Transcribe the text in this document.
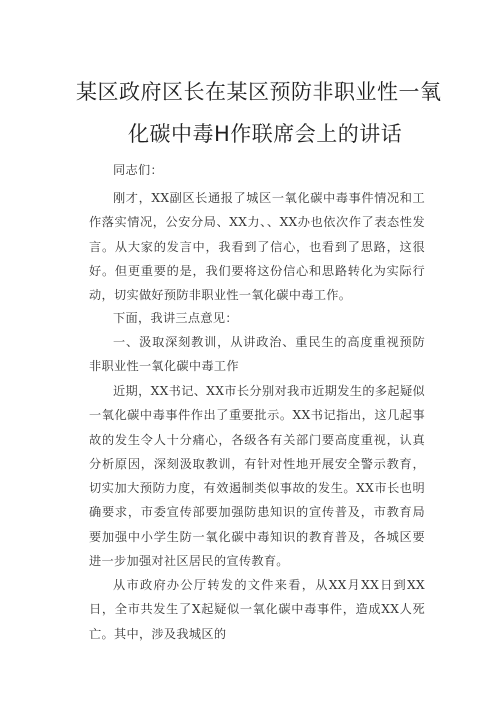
某区政府区长在某区预防非职业性一氧
化碳中毒H作联席会上的讲话
同志们：

刚才，XX副区长通报了城区一氧化碳中毒事件情况和工作落实情况，公安分局、XX力、、XX办也依次作了表态性发言。从大家的发言中，我看到了信心，也看到了思路，这很好。但更重要的是，我们要将这份信心和思路转化为实际行动，切实做好预防非职业性一氧化碳中毒工作。

下面，我讲三点意见：

一、汲取深刻教训，从讲政治、重民生的高度重视预防非职业性一氧化碳中毒工作

近期，XX书记、XX市长分别对我市近期发生的多起疑似一氧化碳中毒事件作出了重要批示。XX书记指出，这几起事故的发生令人十分痛心，各级各有关部门要高度重视，认真分析原因，深刻汲取教训，有针对性地开展安全警示教育，切实加大预防力度，有效遏制类似事故的发生。XX市长也明确要求，市委宣传部要加强防患知识的宣传普及，市教育局要加强中小学生防一氧化碳中毒知识的教育普及，各城区要进一步加强对社区居民的宣传教育。

从市政府办公厅转发的文件来看，从XX月XX日到XX日，全市共发生了X起疑似一氧化碳中毒事件，造成XX人死亡。其中，涉及我城区的
